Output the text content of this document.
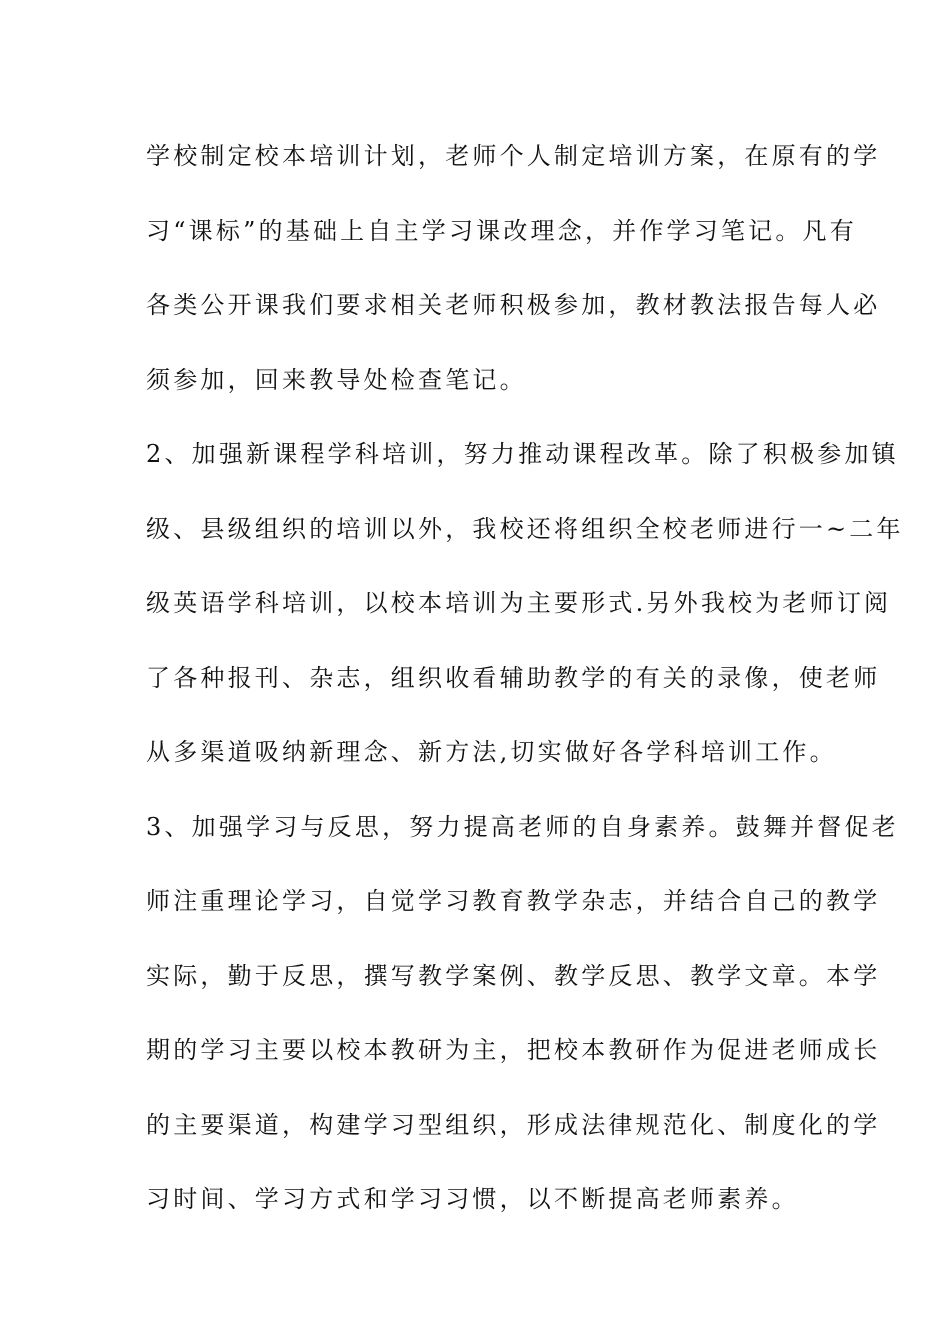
学校制定校本培训计划，老师个人制定培训方案，在原有的学
习“课标”的基础上自主学习课改理念，并作学习笔记。凡有
各类公开课我们要求相关老师积极参加，教材教法报告每人必
须参加，回来教导处检查笔记。
2、加强新课程学科培训，努力推动课程改革。除了积极参加镇
级、县级组织的培训以外，我校还将组织全校老师进行一~二年
级英语学科培训，以校本培训为主要形式.另外我校为老师订阅
了各种报刊、杂志，组织收看辅助教学的有关的录像，使老师
从多渠道吸纳新理念、新方法,切实做好各学科培训工作。
3、加强学习与反思，努力提高老师的自身素养。鼓舞并督促老
师注重理论学习，自觉学习教育教学杂志，并结合自己的教学
实际，勤于反思，撰写教学案例、教学反思、教学文章。本学
期的学习主要以校本教研为主，把校本教研作为促进老师成长
的主要渠道，构建学习型组织，形成法律规范化、制度化的学
习时间、学习方式和学习习惯，以不断提高老师素养。
